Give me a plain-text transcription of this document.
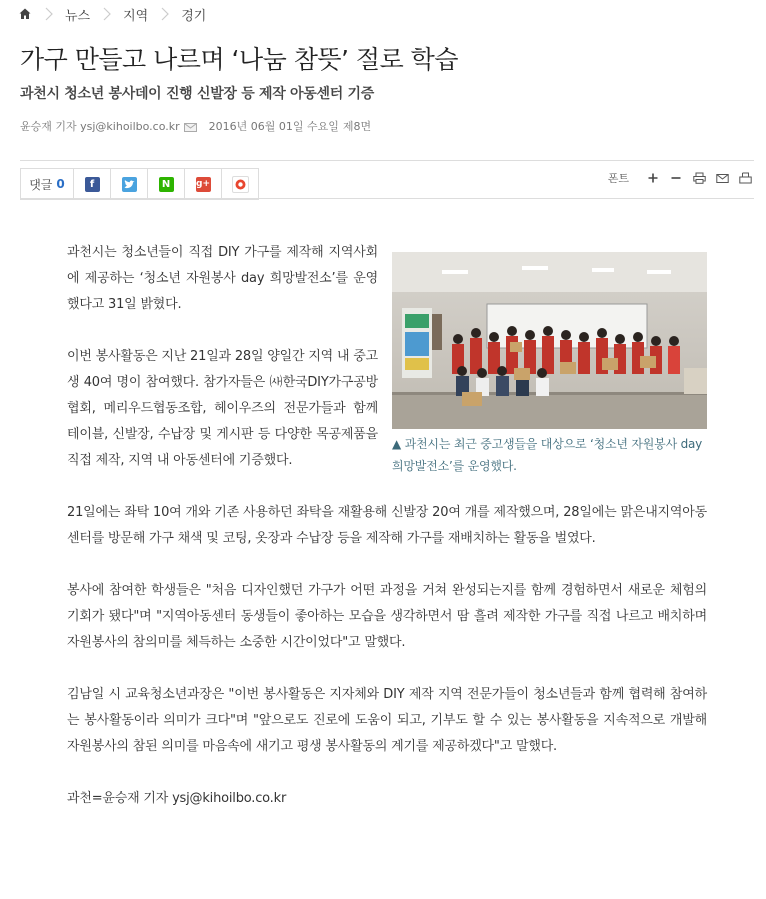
뉴스	지역	경기
가구 만들고 나르며 ‘나눔 참뜻’ 절로 학습
과천시 청소년 봉사데이 진행 신발장 등 제작 아동센터 기증
윤승재 기자 ysj@kihoilbo.co.kr	2016년 06월 01일 수요일 제8면
댓글 0	f	N	g+	폰트
▲ 과천시는 최근 중고생들을 대상으로 ‘청소년 자원봉사 day 희망발전소’를 운영했다.

과천시는 청소년들이 직접 DIY 가구를 제작해 지역사회에 제공하는 ‘청소년 자원봉사 day 희망발전소’를 운영했다고 31일 밝혔다.

이번 봉사활동은 지난 21일과 28일 양일간 지역 내 중고생 40여 명이 참여했다. 참가자들은 ㈔한국DIY가구공방협회, 메리우드협동조합, 헤이우즈의 전문가들과 함께 테이블, 신발장, 수납장 및 게시판 등 다양한 목공제품을 직접 제작, 지역 내 아동센터에 기증했다.

21일에는 좌탁 10여 개와 기존 사용하던 좌탁을 재활용해 신발장 20여 개를 제작했으며, 28일에는 맑은내지역아동센터를 방문해 가구 채색 및 코팅, 옷장과 수납장 등을 제작해 가구를 재배치하는 활동을 벌였다.

봉사에 참여한 학생들은 "처음 디자인했던 가구가 어떤 과정을 거쳐 완성되는지를 함께 경험하면서 새로운 체험의 기회가 됐다"며 "지역아동센터 동생들이 좋아하는 모습을 생각하면서 땀 흘려 제작한 가구를 직접 나르고 배치하며 자원봉사의 참의미를 체득하는 소중한 시간이었다"고 말했다.

김남일 시 교육청소년과장은 "이번 봉사활동은 지자체와 DIY 제작 지역 전문가들이 청소년들과 함께 협력해 참여하는 봉사활동이라 의미가 크다"며 "앞으로도 진로에 도움이 되고, 기부도 할 수 있는 봉사활동을 지속적으로 개발해 자원봉사의 참된 의미를 마음속에 새기고 평생 봉사활동의 계기를 제공하겠다"고 말했다.

과천=윤승재 기자 ysj@kihoilbo.co.kr
